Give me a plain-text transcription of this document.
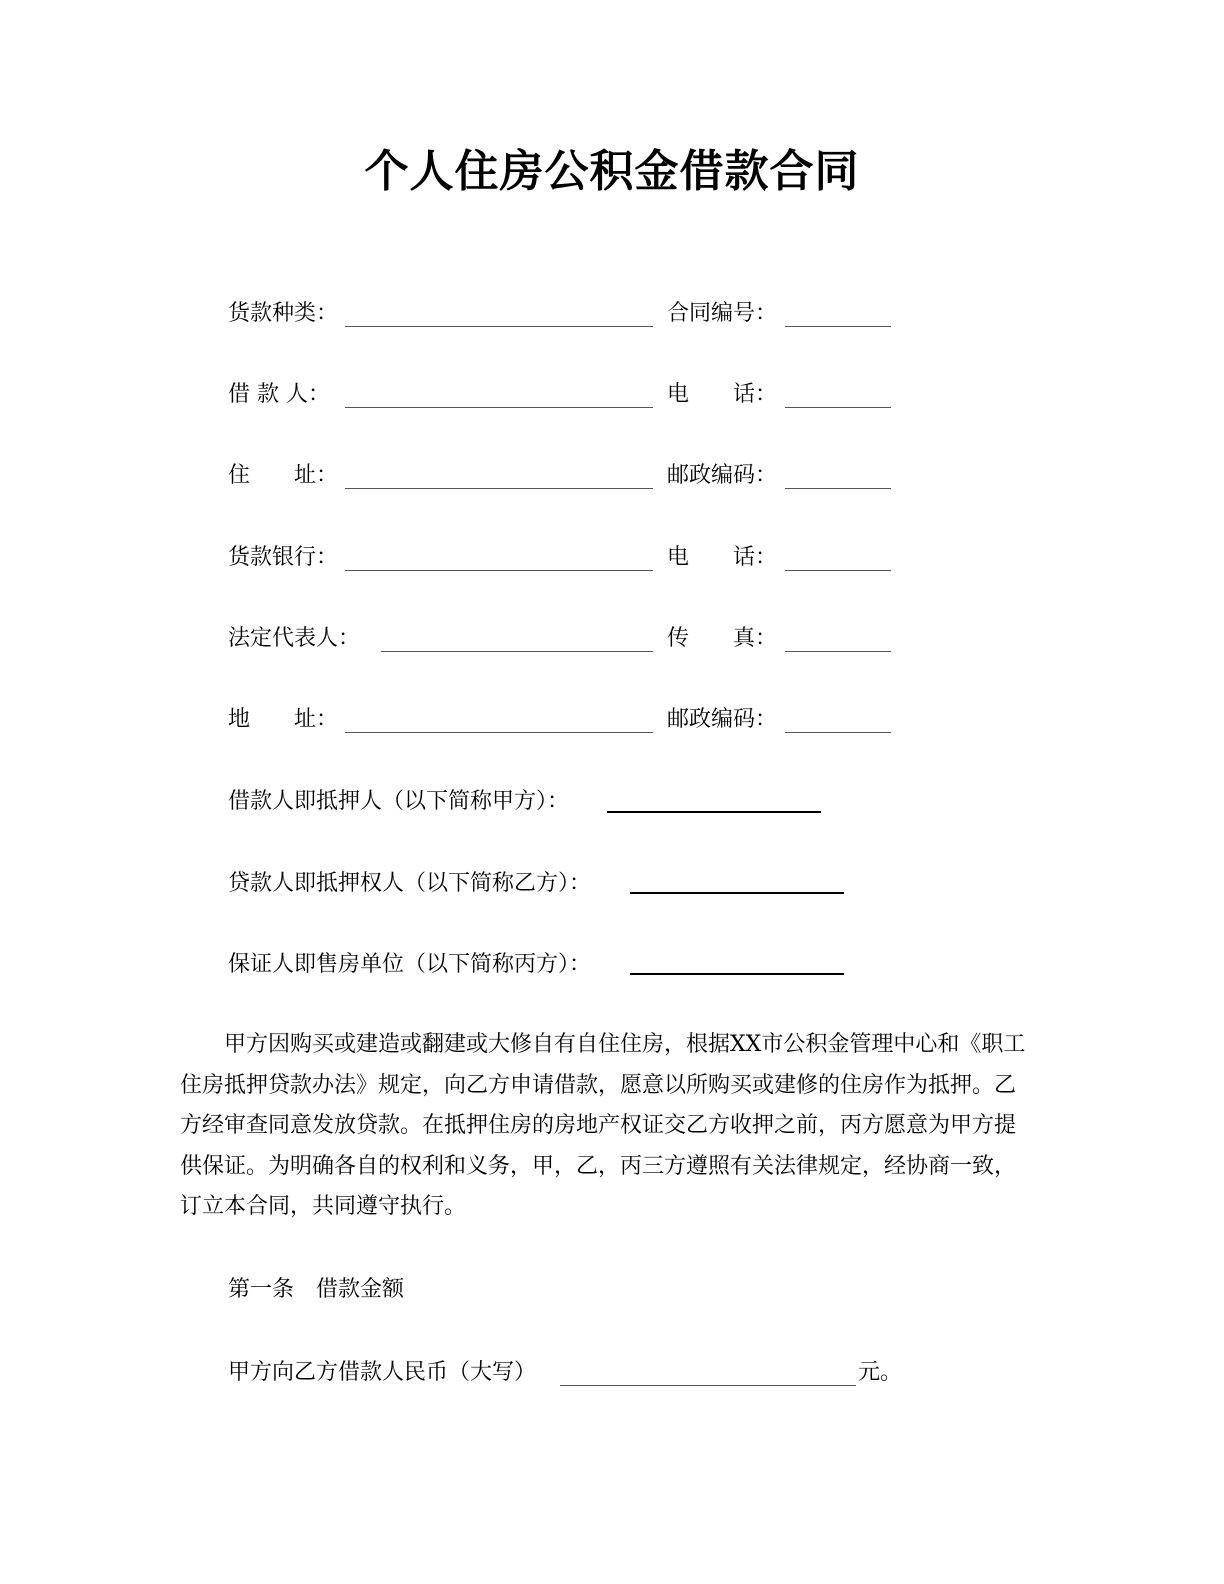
个人住房公积金借款合同
货款种类：	合同编号：
借 款 人：	电　　话：
住　　址：	邮政编码：
货款银行：	电　　话：
法定代表人：	传　　真：
地　　址：	邮政编码：
借款人即抵押人（以下简称甲方）：
贷款人即抵押权人（以下简称乙方）：
保证人即售房单位（以下简称丙方）：
　　甲方因购买或建造或翻建或大修自有自住住房，根据XX市公积金管理中心和《职工住房抵押贷款办法》规定，向乙方申请借款，愿意以所购买或建修的住房作为抵押。乙方经审查同意发放贷款。在抵押住房的房地产权证交乙方收押之前，丙方愿意为甲方提供保证。为明确各自的权利和义务，甲，乙，丙三方遵照有关法律规定，经协商一致，订立本合同，共同遵守执行。
第一条　借款金额
甲方向乙方借款人民币（大写）	元。
